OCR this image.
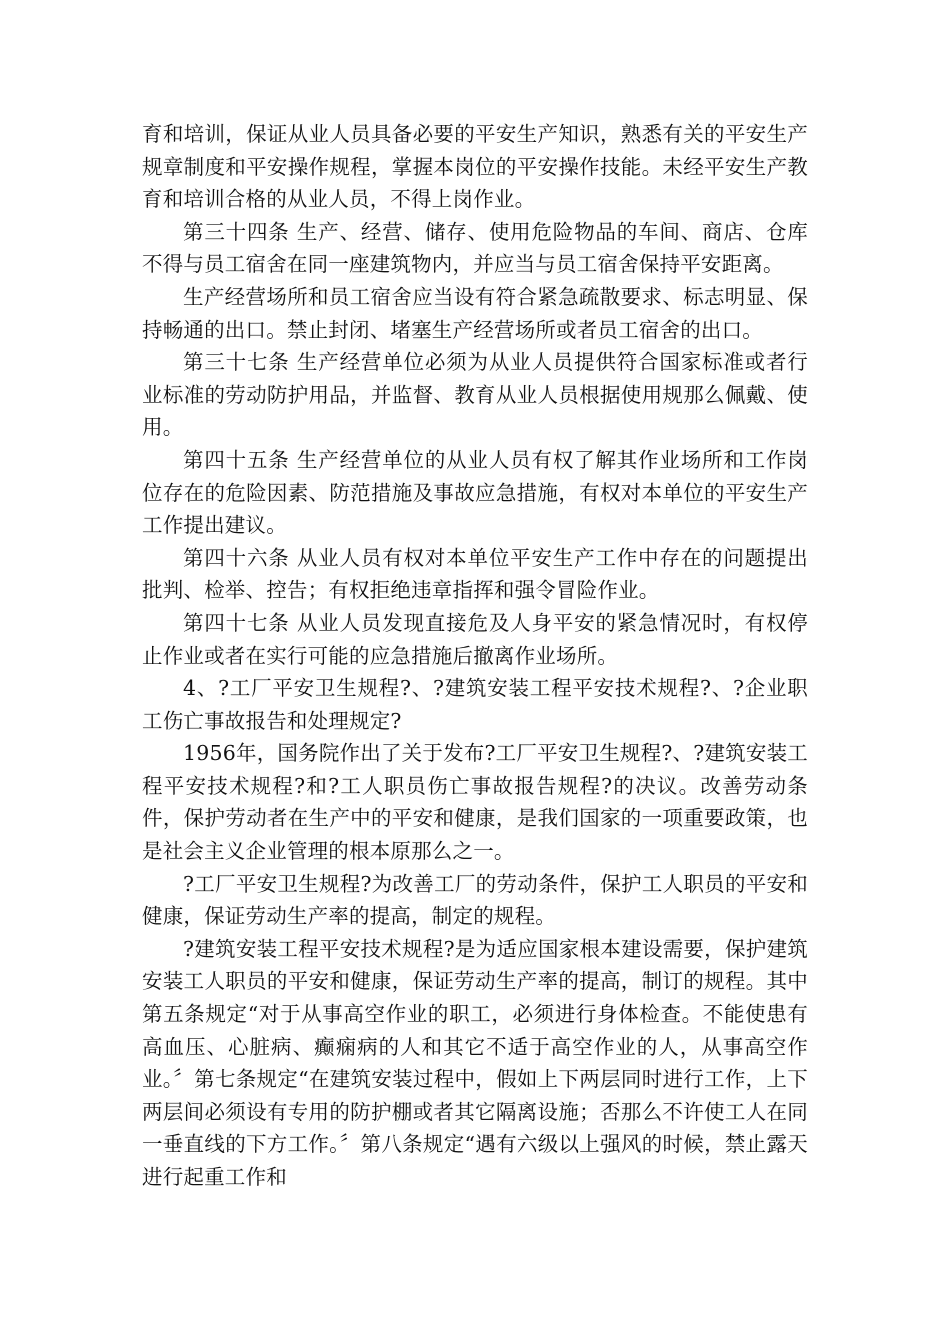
育和培训，保证从业人员具备必要的平安生产知识，熟悉有关的平安生产规章制度和平安操作规程，掌握本岗位的平安操作技能。未经平安生产教育和培训合格的从业人员，不得上岗作业。

第三十四条 生产、经营、储存、使用危险物品的车间、商店、仓库不得与员工宿舍在同一座建筑物内，并应当与员工宿舍保持平安距离。

生产经营场所和员工宿舍应当设有符合紧急疏散要求、标志明显、保持畅通的出口。禁止封闭、堵塞生产经营场所或者员工宿舍的出口。

第三十七条 生产经营单位必须为从业人员提供符合国家标准或者行业标准的劳动防护用品，并监督、教育从业人员根据使用规那么佩戴、使用。

第四十五条 生产经营单位的从业人员有权了解其作业场所和工作岗位存在的危险因素、防范措施及事故应急措施，有权对本单位的平安生产工作提出建议。

第四十六条 从业人员有权对本单位平安生产工作中存在的问题提出批判、检举、控告；有权拒绝违章指挥和强令冒险作业。

第四十七条 从业人员发现直接危及人身平安的紧急情况时，有权停止作业或者在实行可能的应急措施后撤离作业场所。

4、?工厂平安卫生规程?、?建筑安装工程平安技术规程?、?企业职工伤亡事故报告和处理规定?

1956年，国务院作出了关于发布?工厂平安卫生规程?、?建筑安装工程平安技术规程?和?工人职员伤亡事故报告规程?的决议。改善劳动条件，保护劳动者在生产中的平安和健康，是我们国家的一项重要政策，也是社会主义企业管理的根本原那么之一。

?工厂平安卫生规程?为改善工厂的劳动条件，保护工人职员的平安和健康，保证劳动生产率的提高，制定的规程。

?建筑安装工程平安技术规程?是为适应国家根本建设需要，保护建筑安装工人职员的平安和健康，保证劳动生产率的提高，制订的规程。其中第五条规定“对于从事高空作业的职工，必须进行身体检查。不能使患有高血压、心脏病、癫痫病的人和其它不适于高空作业的人，从事高空作业。〞第七条规定“在建筑安装过程中，假如上下两层同时进行工作，上下两层间必须设有专用的防护棚或者其它隔离设施；否那么不许使工人在同一垂直线的下方工作。〞第八条规定“遇有六级以上强风的时候，禁止露天进行起重工作和
